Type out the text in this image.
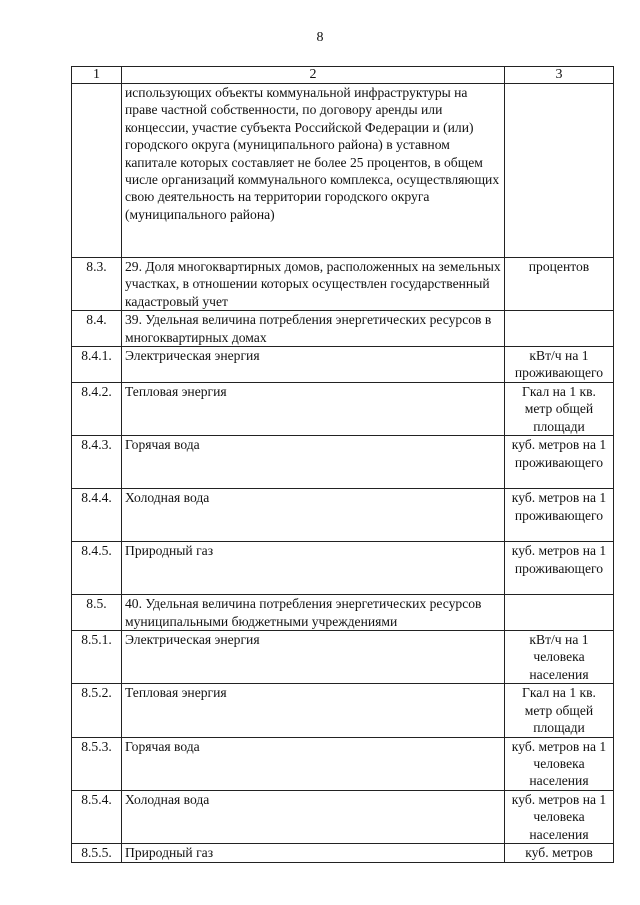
8
1	2	3
	использующих объекты коммунальной инфраструктуры на праве частной собственности, по договору аренды или концессии, участие субъекта Российской Федерации и (или) городского округа (муниципального района) в уставном капитале которых составляет не более 25 процентов, в общем числе организаций коммунального комплекса, осуществляющих свою деятельность на территории городского округа (муниципального района)	
8.3.	29. Доля многоквартирных домов, расположенных на земельных участках, в отношении которых осуществлен государственный кадастровый учет	процентов
8.4.	39. Удельная величина потребления энергетических ресурсов в многоквартирных домах	
8.4.1.	Электрическая энергия	кВт/ч на 1 проживающего
8.4.2.	Тепловая энергия	Гкал на 1 кв. метр общей площади
8.4.3.	Горячая вода	куб. метров на 1 проживающего
8.4.4.	Холодная вода	куб. метров на 1 проживающего
8.4.5.	Природный газ	куб. метров на 1 проживающего
8.5.	40. Удельная величина потребления энергетических ресурсов муниципальными бюджетными учреждениями	
8.5.1.	Электрическая энергия	кВт/ч на 1 человека населения
8.5.2.	Тепловая энергия	Гкал на 1 кв. метр общей площади
8.5.3.	Горячая вода	куб. метров на 1 человека населения
8.5.4.	Холодная вода	куб. метров на 1 человека населения
8.5.5.	Природный газ	куб. метров
